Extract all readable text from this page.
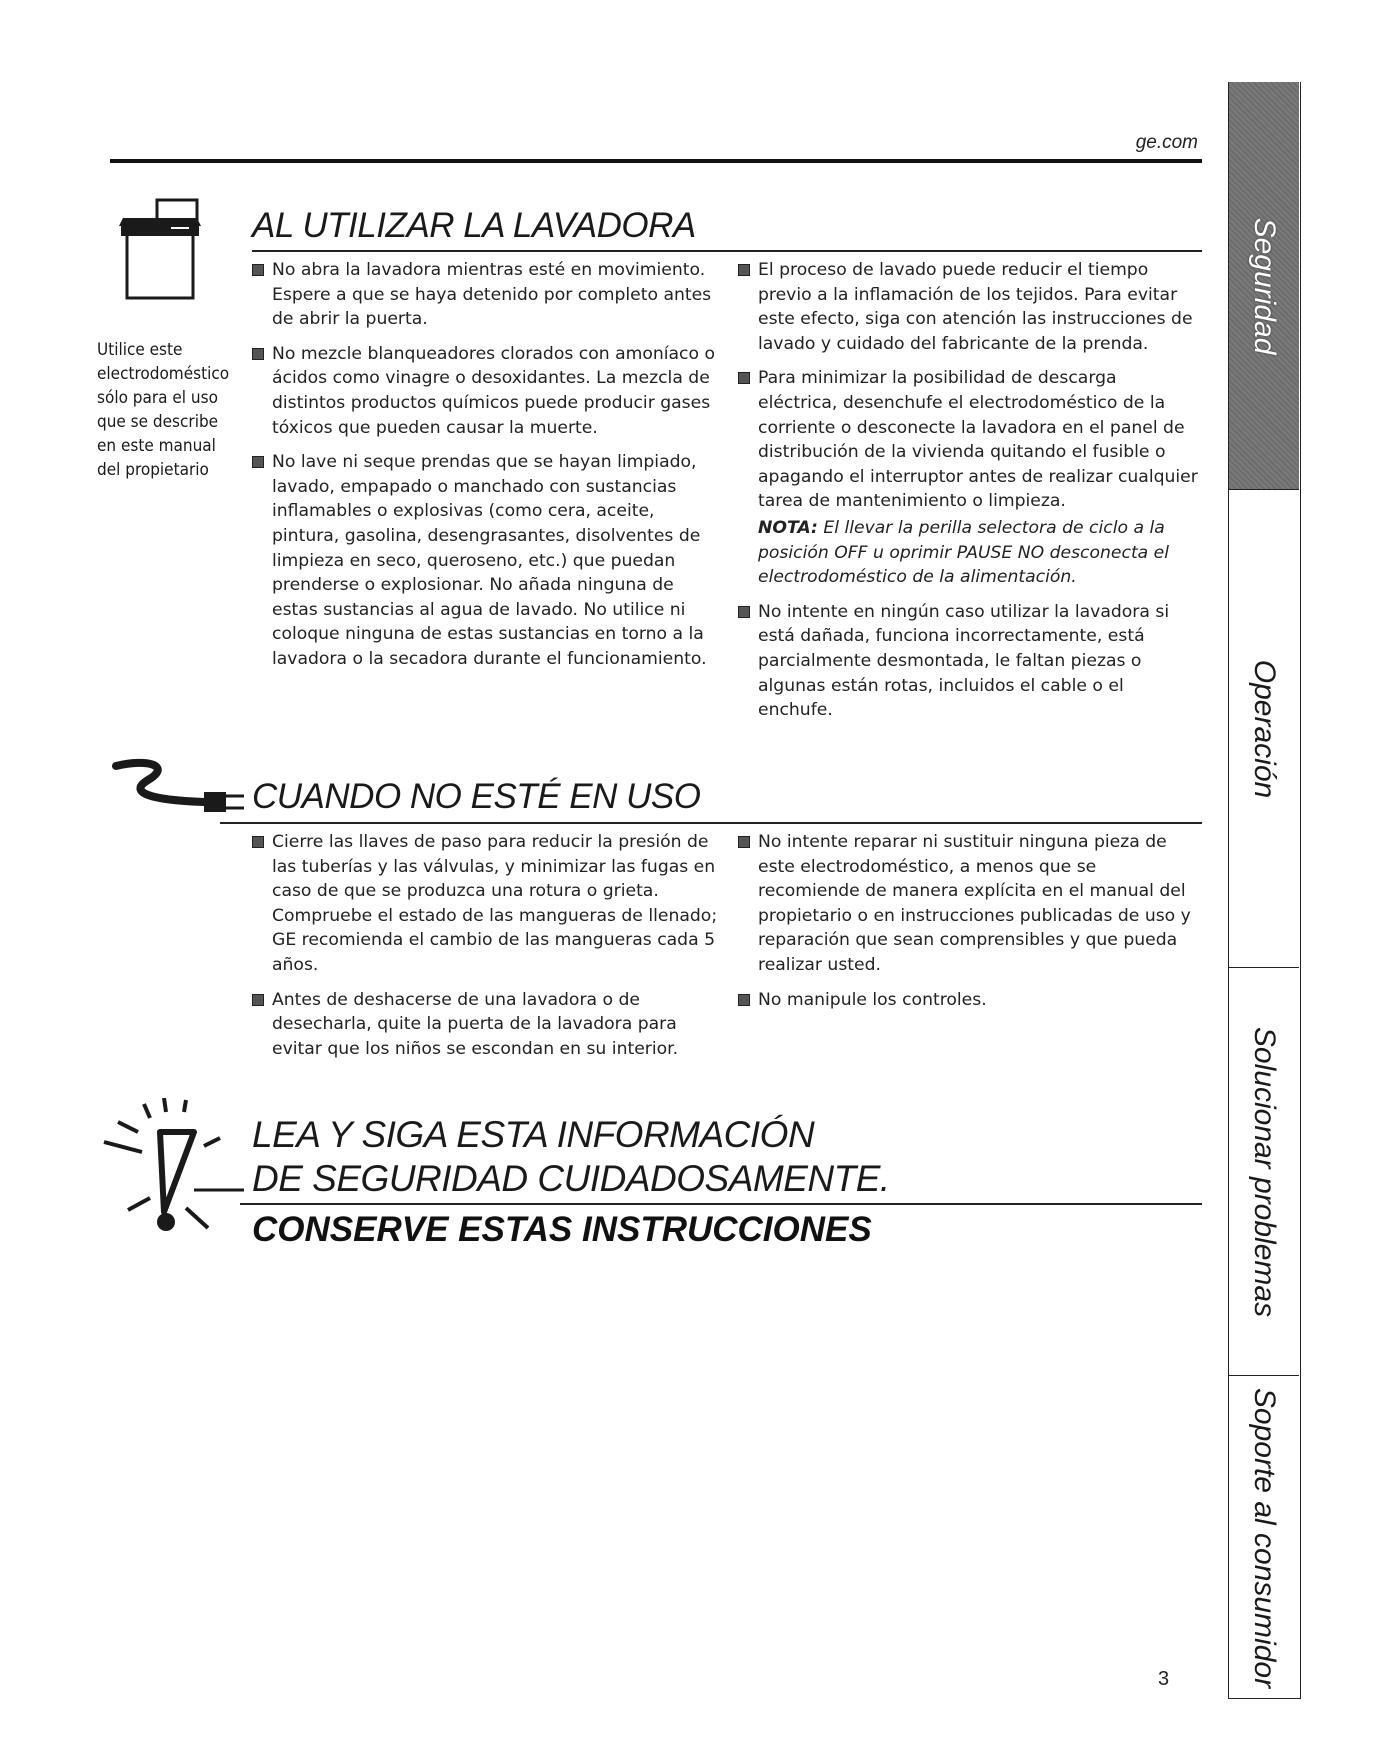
ge.com
Utilice este electrodoméstico sólo para el uso que se describe en este manual del propietario
AL UTILIZAR LA LAVADORA
No abra la lavadora mientras esté en movimiento. Espere a que se haya detenido por completo antes de abrir la puerta.
No mezcle blanqueadores clorados con amoníaco o ácidos como vinagre o desoxidantes. La mezcla de distintos productos químicos puede producir gases tóxicos que pueden causar la muerte.
No lave ni seque prendas que se hayan limpiado, lavado, empapado o manchado con sustancias inflamables o explosivas (como cera, aceite, pintura, gasolina, desengrasantes, disolventes de limpieza en seco, queroseno, etc.) que puedan prenderse o explosionar. No añada ninguna de estas sustancias al agua de lavado. No utilice ni coloque ninguna de estas sustancias en torno a la lavadora o la secadora durante el funcionamiento.
El proceso de lavado puede reducir el tiempo previo a la inflamación de los tejidos. Para evitar este efecto, siga con atención las instrucciones de lavado y cuidado del fabricante de la prenda.
Para minimizar la posibilidad de descarga eléctrica, desenchufe el electrodoméstico de la corriente o desconecte la lavadora en el panel de distribución de la vivienda quitando el fusible o apagando el interruptor antes de realizar cualquier tarea de mantenimiento o limpieza.
NOTA: El llevar la perilla selectora de ciclo a la posición OFF u oprimir PAUSE NO desconecta el electrodoméstico de la alimentación.
No intente en ningún caso utilizar la lavadora si está dañada, funciona incorrectamente, está parcialmente desmontada, le faltan piezas o algunas están rotas, incluidos el cable o el enchufe.
CUANDO NO ESTÉ EN USO
Cierre las llaves de paso para reducir la presión de las tuberías y las válvulas, y minimizar las fugas en caso de que se produzca una rotura o grieta. Compruebe el estado de las mangueras de llenado; GE recomienda el cambio de las mangueras cada 5 años.
Antes de deshacerse de una lavadora o de desecharla, quite la puerta de la lavadora para evitar que los niños se escondan en su interior.
No intente reparar ni sustituir ninguna pieza de este electrodoméstico, a menos que se recomiende de manera explícita en el manual del propietario o en instrucciones publicadas de uso y reparación que sean comprensibles y que pueda realizar usted.
No manipule los controles.
LEA Y SIGA ESTA INFORMACIÓN
DE SEGURIDAD CUIDADOSAMENTE.
CONSERVE ESTAS INSTRUCCIONES
Seguridad
Operación
Solucionar problemas
Soporte al consumidor
3
